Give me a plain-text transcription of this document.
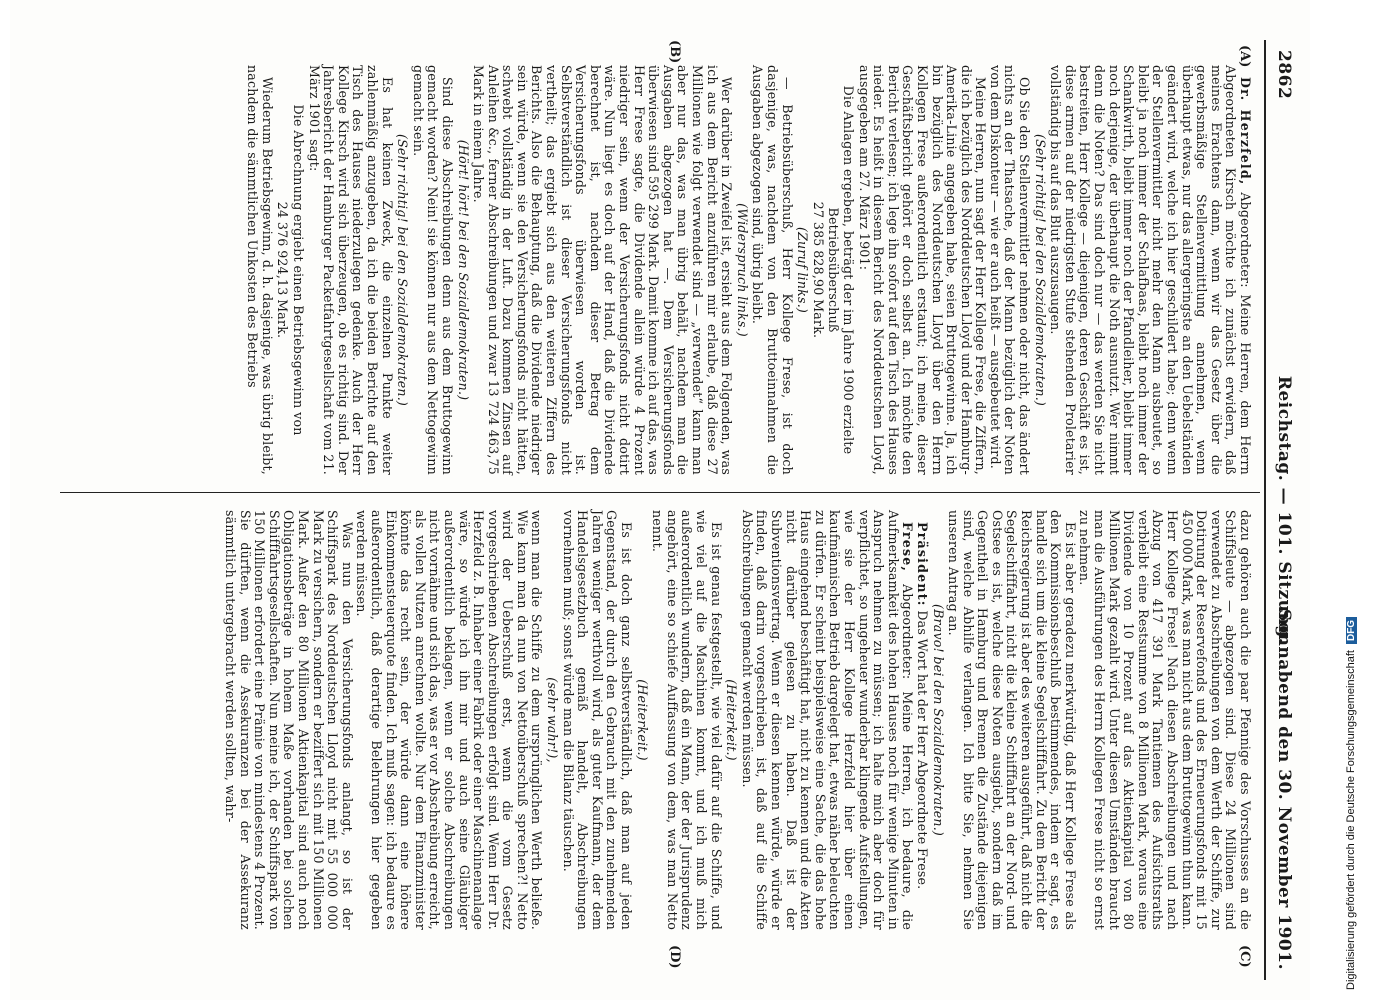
2862
Reichstag. — 101. Sitzung.
Sonnabend den 30. November 1901.
(A)
(B)
(C)
(D)

Dr. Herzfeld, Abgeordneter: Meine Herren, dem Herrn Abgeordneten Kirsch möchte ich zunächst erwidern, daß meines Erachtens dann, wenn wir das Gesetz über die gewerbsmäßige Stellenvermittlung annehmen, wenn überhaupt etwas, nur das allergeringste an den Uebelständen geändert wird, welche ich hier geschildert habe; denn wenn der Stellenvermittler nicht mehr den Mann ausbeutet, so bleibt ja noch immer der Schlafbaas, bleibt noch immer der Schankwirth, bleibt immer noch der Pfandleiher, bleibt immer noch derjenige, der überhaupt die Noth ausnutzt. Wer nimmt denn die Noten? Das sind doch nur — das werden Sie nicht bestreiten, Herr Kollege — diejenigen, deren Geschäft es ist, diese armen auf der niedrigsten Stufe stehenden Proletarier vollständig bis auf das Blut auszusaugen.

(Sehr richtig! bei den Sozialdemokraten.)

Ob Sie den Stellenvermittler nehmen oder nicht, das ändert nichts an der Thatsache, daß der Mann bezüglich der Noten von dem Diskonteur — wie er auch heißt — ausgebeutet wird.

Meine Herren, nun sagt der Herr Kollege Frese, die Ziffern, die ich bezüglich des Norddeutschen Lloyd und der Hamburg-Amerika-Linie angegeben habe, seien Bruttogewinne. Ja, ich bin bezüglich des Norddeutschen Lloyd über den Herrn Kollegen Frese außerordentlich erstaunt; ich meine, dieser Geschäftsbericht gehört er doch selbst an. Ich möchte den Bericht verlesen; ich lege ihn sofort auf den Tisch des Hauses nieder. Es heißt in diesem Bericht des Norddeutschen Lloyd, ausgegeben am 27. März 1901:

Die Anlagen ergeben, beträgt der im Jahre 1900 erzielte Betriebsüberschuß

27 385 828,90 Mark.

(Zuruf links.)

— Betriebsüberschuß, Herr Kollege Frese, ist doch dasjenige, was, nachdem von den Bruttoeinnahmen die Ausgaben abgezogen sind, übrig bleibt.

(Widerspruch links.)

Wer darüber in Zweifel ist, ersieht aus dem Folgenden, was ich aus dem Bericht anzuführen mir erlaube, daß diese 27 Millionen wie folgt verwendet sind — „verwendet“ kann man aber nur das, was man übrig behält, nachdem man die Ausgaben abgezogen hat —. Dem Versicherungsfonds überwiesen sind 595 299 Mark. Damit komme ich auf das, was Herr Frese sagte, die Dividende allein würde 4 Prozent niedriger sein, wenn der Versicherungsfonds nicht dotirt wäre. Nun liegt es doch auf der Hand, daß die Dividende berechnet ist, nachdem dieser Betrag dem Versicherungsfonds überwiesen worden ist. Selbstverständlich ist dieser Versicherungsfonds nicht vertheilt; das ergiebt sich aus den weiteren Ziffern des Berichts. Also die Behauptung, daß die Dividende niedriger sein würde, wenn sie den Versicherungsfonds nicht hätten, schwebt vollständig in der Luft. Dazu kommen Zinsen auf Anleihen &c., ferner Abschreibungen und zwar 13 724 463,75 Mark in einem Jahre.

(Hört! hört! bei den Sozialdemokraten.)

Sind diese Abschreibungen denn aus dem Bruttogewinn gemacht worden? Nein! sie können nur aus dem Nettogewinn gemacht sein.

(Sehr richtig! bei den Sozialdemokraten.)

Es hat keinen Zweck, die einzelnen Punkte weiter zahlenmäßig anzugeben, da ich die beiden Berichte auf den Tisch des Hauses niederzulegen gedenke. Auch der Herr Kollege Kirsch wird sich überzeugen, ob es richtig sind. Der Jahresbericht der Hamburger Packetfahrtgesellschaft vom 21. März 1901 sagt:

Die Abrechnung ergiebt einen Betriebsgewinn von

24 376 924,13 Mark.

Wiederum Betriebsgewinn, d. h. dasjenige, was übrig bleibt, nachdem die sämmtlichen Unkosten des Betriebs

dazu gehören auch die paar Pfennige des Vorschusses an die Schiffsleute — abgezogen sind. Diese 24 Millionen sind verwendet zu Abschreibungen von dem Werth der Schiffe, zur Dotirung der Reservefonds und des Erneuerungsfonds mit 15 450 000 Mark, was man nicht aus dem Bruttogewinn thun kann. Herr Kollege Frese! Nach diesen Abschreibungen und nach Abzug von 417 391 Mark Tantiemen des Aufsichtsraths verbleibt eine Restsumme von 8 Millionen Mark, woraus eine Dividende von 10 Prozent auf das Aktienkapital von 80 Millionen Mark gezahlt wird. Unter diesen Umständen braucht man die Ausführungen des Herrn Kollegen Frese nicht so ernst zu nehmen.

Es ist aber geradezu merkwürdig, daß Herr Kollege Frese als den Kommissionsbeschluß bestimmendes, indem er sagt, es handle sich um die kleine Segelschifffahrt. Zu dem Bericht der Reichsregierung ist aber des weiteren ausgeführt, daß nicht die Segelschifffahrt, nicht die kleine Schifffahrt an der Nord- und Ostsee es ist, welche diese Noten ausgiebt, sondern daß im Gegentheil in Hamburg und Bremen die Zustände diejenigen sind, welche Abhilfe verlangen. Ich bitte Sie, nehmen Sie unseren Antrag an.

(Bravo! bei den Sozialdemokraten.)

Präsident: Das Wort hat der Herr Abgeordnete Frese.

Frese, Abgeordneter: Meine Herren, ich bedaure, die Aufmerksamkeit des hohen Hauses noch für wenige Minuten in Anspruch nehmen zu müssen; ich halte mich aber doch für verpflichtet, so ungeheuer wunderbar klingende Aufstellungen, wie sie der Herr Kollege Herzfeld hier über einen kaufmännischen Betrieb dargelegt hat, etwas näher beleuchten zu dürfen. Er scheint beispielsweise eine Sache, die das hohe Haus eingehend beschäftigt hat, nicht zu kennen und die Akten nicht darüber gelesen zu haben. Daß ist der Subventionsvertrag. Wenn er diesen kennen würde, würde er finden, daß darin vorgeschrieben ist, daß auf die Schiffe Abschreibungen gemacht werden müssen.

(Heiterkeit.)

Es ist genau festgestellt, wie viel dafür auf die Schiffe, und wie viel auf die Maschinen kommt, und ich muß mich außerordentlich wundern, daß ein Mann, der der Jurisprudenz angehört, eine so schiefe Auffassung von dem, was man Netto nennt.

(Heiterkeit.)

Es ist doch ganz selbstverständlich, daß man auf jeden Gegenstand, der durch den Gebrauch mit den zunehmenden Jahren weniger werthvoll wird, als guter Kaufmann, der dem Handelsgesetzbuch gemäß handelt, Abschreibungen vornehmen muß; sonst würde man die Bilanz täuschen.

(sehr wahr!),

wenn man die Schiffe zu dem ursprünglichen Werth beließe. Wie kann man da nun von Nettoüberschuß sprechen?! Netto wird der Ueberschuß erst, wenn die vom Gesetz vorgeschriebenen Abschreibungen erfolgt sind. Wenn Herr Dr. Herzfeld z. B. Inhaber einer Fabrik oder einer Maschinenanlage wäre, so würde ich ihn mir und auch seine Gläubiger außerordentlich beklagen, wenn er solche Abschreibungen nicht vornähme und sich das, was er vor Abschreibung erreicht, als vollen Nutzen anrechnen wollte. Nur dem Finanzminister könnte das recht sein, der würde dann eine höhere Einkommensteuerquote finden. Ich muß sagen: ich bedaure es außerordentlich, daß derartige Belehrungen hier gegeben werden müssen.

Was nun den Versicherungsfonds anlangt, so ist der Schiffspark des Norddeutschen Lloyd nicht mit 55 000 000 Mark zu versichern, sondern er beziffert sich mit 150 Millionen Mark. Außer den 80 Millionen Aktienkapital sind auch noch Obligationsbeträge in hohem Maße vorhanden bei solchen Schifffahrtsgesellschaften. Nun meine ich, der Schiffspark von 150 Millionen erfordert eine Prämie von mindestens 4 Prozent. Sie dürften, wenn die Assekuranzen bei der Assekuranz sämmtlich untergebracht werden sollten, wahr-	Digitalisierung gefördert durch die Deutsche ForschungsgemeinschaftDFG
